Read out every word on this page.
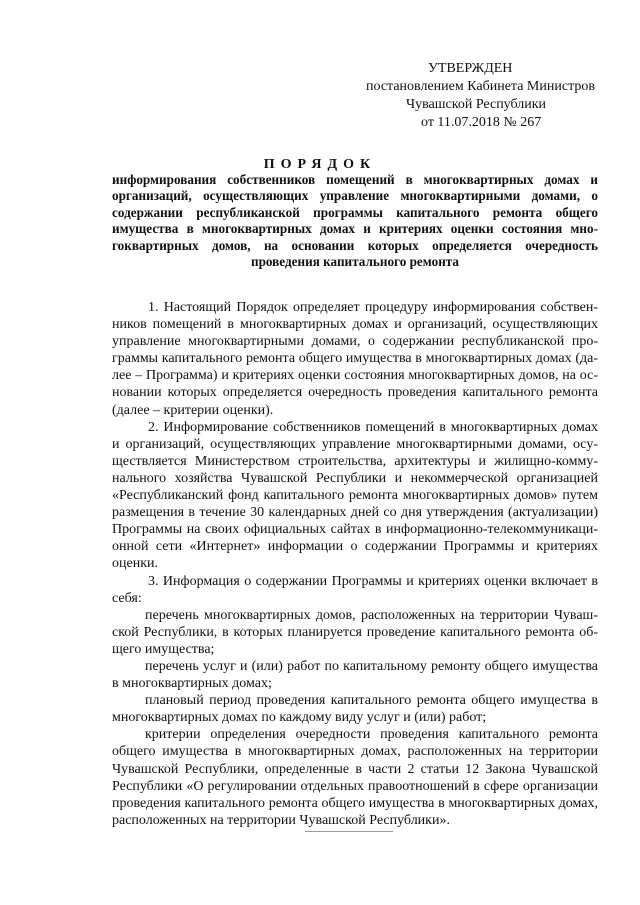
УТВЕРЖДЕН
постановлением Кабинета Министров
Чувашской Республики
от 11.07.2018 № 267
ПОРЯДОК
информирования собственников помещений в многоквартирных домах и
организаций, осуществляющих управление многоквартирными домами, о
содержании республиканской программы капитального ремонта общего
имущества в многоквартирных домах и критериях оценки состояния мно-
гоквартирных домов, на основании которых определяется очередность
проведения капитального ремонта
1. Настоящий Порядок определяет процедуру информирования собствен-
ников помещений в многоквартирных домах и организаций, осуществляющих
управление многоквартирными домами, о содержании республиканской про-
граммы капитального ремонта общего имущества в многоквартирных домах (да-
лее – Программа) и критериях оценки состояния многоквартирных домов, на ос-
новании которых определяется очередность проведения капитального ремонта
(далее – критерии оценки).
2. Информирование собственников помещений в многоквартирных домах
и организаций, осуществляющих управление многоквартирными домами, осу-
ществляется Министерством строительства, архитектуры и жилищно-комму-
нального хозяйства Чувашской Республики и некоммерческой организацией
«Республиканский фонд капитального ремонта многоквартирных домов» путем
размещения в течение 30 календарных дней со дня утверждения (актуализации)
Программы на своих официальных сайтах в информационно-телекоммуникаци-
онной сети «Интернет» информации о содержании Программы и критериях
оценки.
3. Информация о содержании Программы и критериях оценки включает в
себя:
перечень многоквартирных домов, расположенных на территории Чуваш-
ской Республики, в которых планируется проведение капитального ремонта об-
щего имущества;
перечень услуг и (или) работ по капитальному ремонту общего имущества
в многоквартирных домах;
плановый период проведения капитального ремонта общего имущества в
многоквартирных домах по каждому виду услуг и (или) работ;
критерии определения очередности проведения капитального ремонта
общего имущества в многоквартирных домах, расположенных на территории
Чувашской Республики, определенные в части 2 статьи 12 Закона Чувашской
Республики «О регулировании отдельных правоотношений в сфере организации
проведения капитального ремонта общего имущества в многоквартирных домах,
расположенных на территории Чувашской Республики».
